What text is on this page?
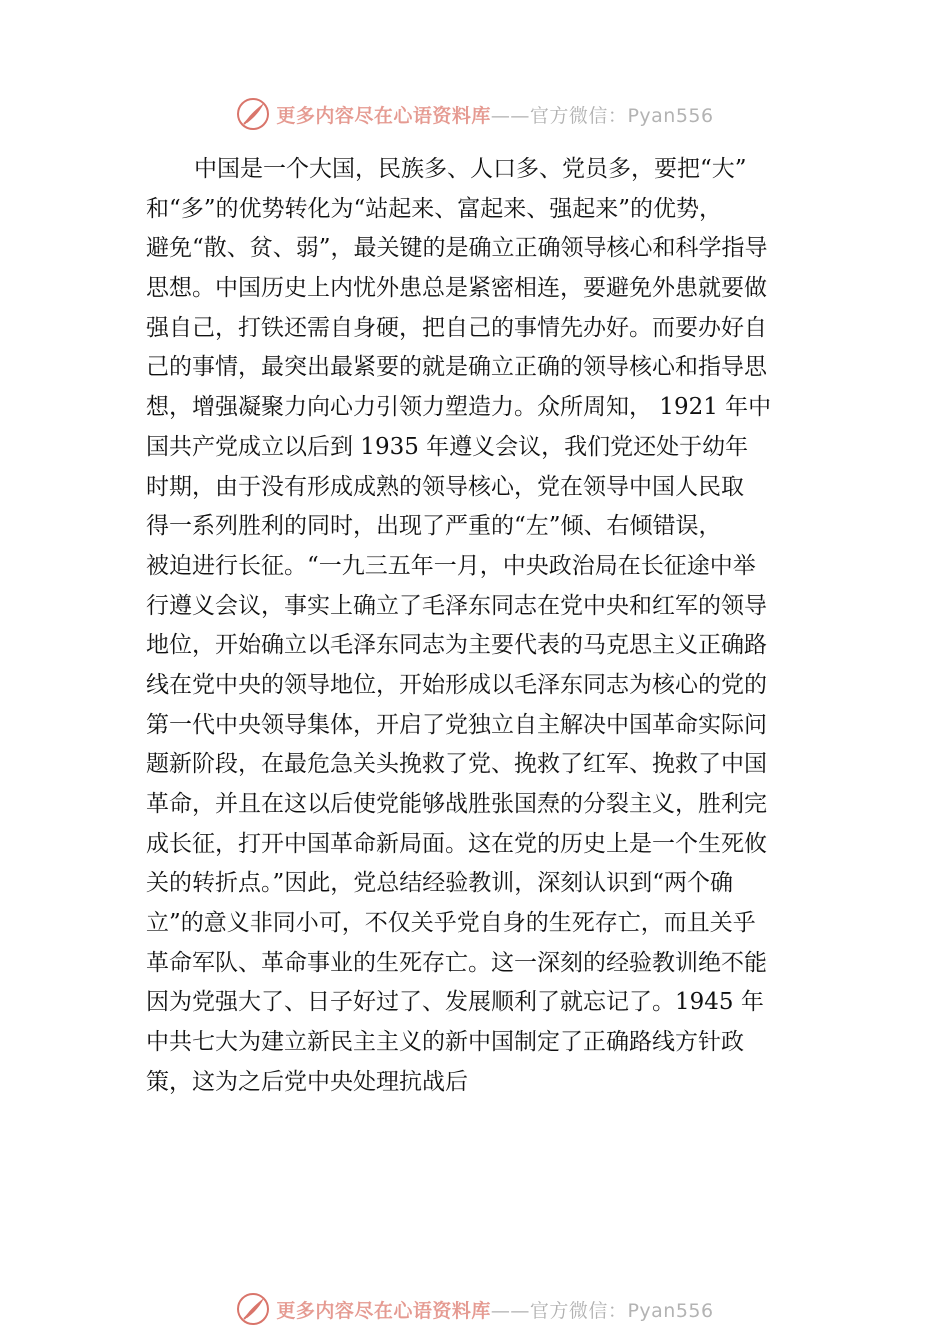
更多内容尽在心语资料库——官方微信：Pyan556
中国是一个大国，民族多、人口多、党员多，要把“大”
和“多”的优势转化为“站起来、富起来、强起来”的优势，
避免“散、贫、弱”，最关键的是确立正确领导核心和科学指导
思想。中国历史上内忧外患总是紧密相连，要避免外患就要做
强自己，打铁还需自身硬，把自己的事情先办好。而要办好自
己的事情，最突出最紧要的就是确立正确的领导核心和指导思
想，增强凝聚力向心力引领力塑造力。众所周知， 1921 年中
国共产党成立以后到 1935 年遵义会议，我们党还处于幼年
时期，由于没有形成成熟的领导核心，党在领导中国人民取
得一系列胜利的同时，出现了严重的“左”倾、右倾错误，
被迫进行长征。“一九三五年一月，中央政治局在长征途中举
行遵义会议，事实上确立了毛泽东同志在党中央和红军的领导
地位，开始确立以毛泽东同志为主要代表的马克思主义正确路
线在党中央的领导地位，开始形成以毛泽东同志为核心的党的
第一代中央领导集体，开启了党独立自主解决中国革命实际问
题新阶段，在最危急关头挽救了党、挽救了红军、挽救了中国
革命，并且在这以后使党能够战胜张国焘的分裂主义，胜利完
成长征，打开中国革命新局面。这在党的历史上是一个生死攸
关的转折点。”因此，党总结经验教训，深刻认识到“两个确
立”的意义非同小可，不仅关乎党自身的生死存亡，而且关乎
革命军队、革命事业的生死存亡。这一深刻的经验教训绝不能
因为党强大了、日子好过了、发展顺利了就忘记了。1945 年
中共七大为建立新民主主义的新中国制定了正确路线方针政
策，这为之后党中央处理抗战后
更多内容尽在心语资料库——官方微信：Pyan556
